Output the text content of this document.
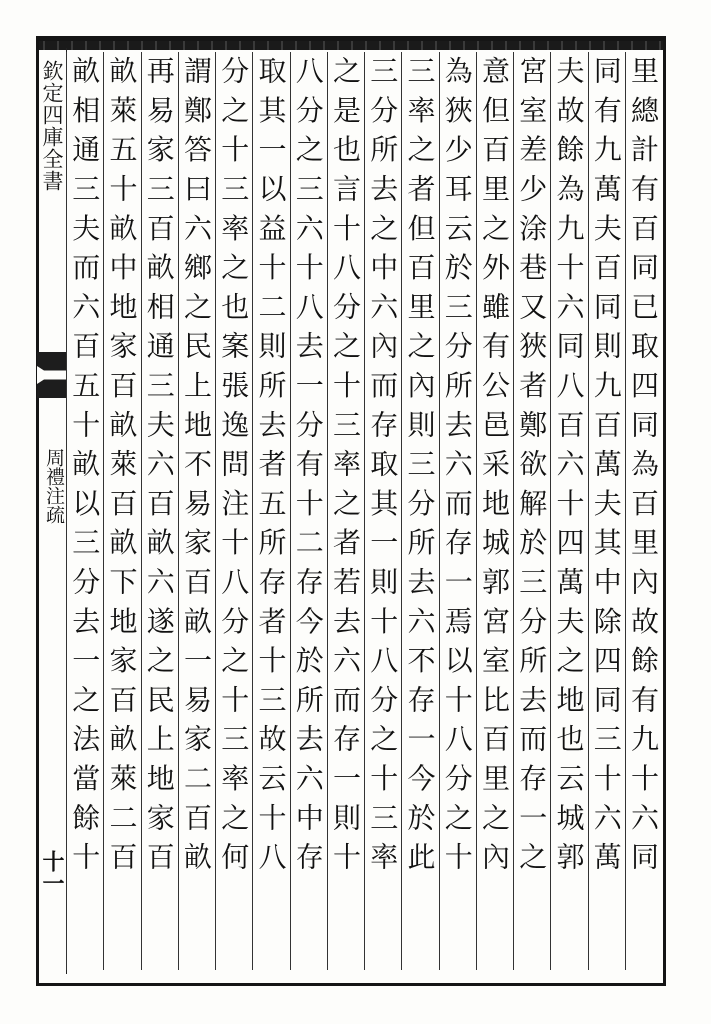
欽定四庫全書
周禮注疏
十一	里總計有百同已取四同為百里內故餘有九十六同
同有九萬夫百同則九百萬夫其中除四同三十六萬
夫故餘為九十六同八百六十四萬夫之地也云城郭
宮室差少涂巷又狹者鄭欲解於三分所去而存一之
意但百里之外雖有公邑采地城郭宮室比百里之內
為狹少耳云於三分所去六而存一焉以十八分之十
三率之者但百里之內則三分所去六不存一今於此
三分所去之中六內而存取其一則十八分之十三率
之是也言十八分之十三率之者若去六而存一則十
八分之三六十八去一分有十二存今於所去六中存
取其一以益十二則所去者五所存者十三故云十八
分之十三率之也案張逸問注十八分之十三率之何
謂鄭答曰六鄉之民上地不易家百畝一易家二百畝
再易家三百畝相通三夫六百畝六遂之民上地家百
畝萊五十畝中地家百畝萊百畝下地家百畝萊二百
畝相通三夫而六百五十畝以三分去一之法當餘十
